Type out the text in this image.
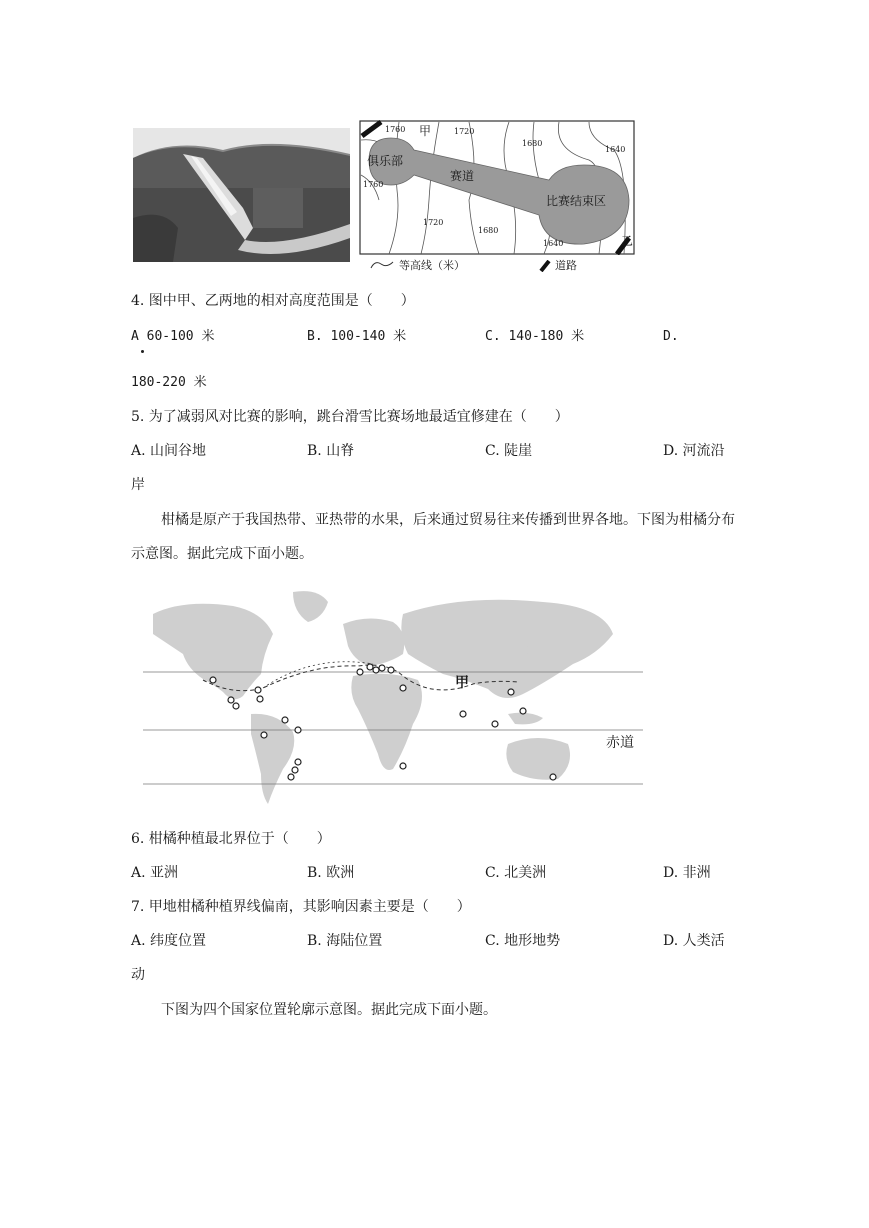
甲
乙
俱乐部
赛道
比赛结束区
1760	1720
1680
1640
1760
1720
1680
1640
等高线（米）	道路
4. 图中甲、乙两地的相对高度范围是（　　）
A 60-100 米	B. 100-140 米	C. 140-180 米	D.
180-220 米
5. 为了减弱风对比赛的影响，跳台滑雪比赛场地最适宜修建在（　　）
A. 山间谷地	B. 山脊	C. 陡崖	D. 河流沿
岸
柑橘是原产于我国热带、亚热带的水果，后来通过贸易往来传播到世界各地。下图为柑橘分布示意图。据此完成下面小题。
甲
赤道
6. 柑橘种植最北界位于（　　）
A. 亚洲	B. 欧洲	C. 北美洲	D. 非洲
7. 甲地柑橘种植界线偏南，其影响因素主要是（　　）
A. 纬度位置	B. 海陆位置	C. 地形地势	D. 人类活
动
下图为四个国家位置轮廓示意图。据此完成下面小题。
